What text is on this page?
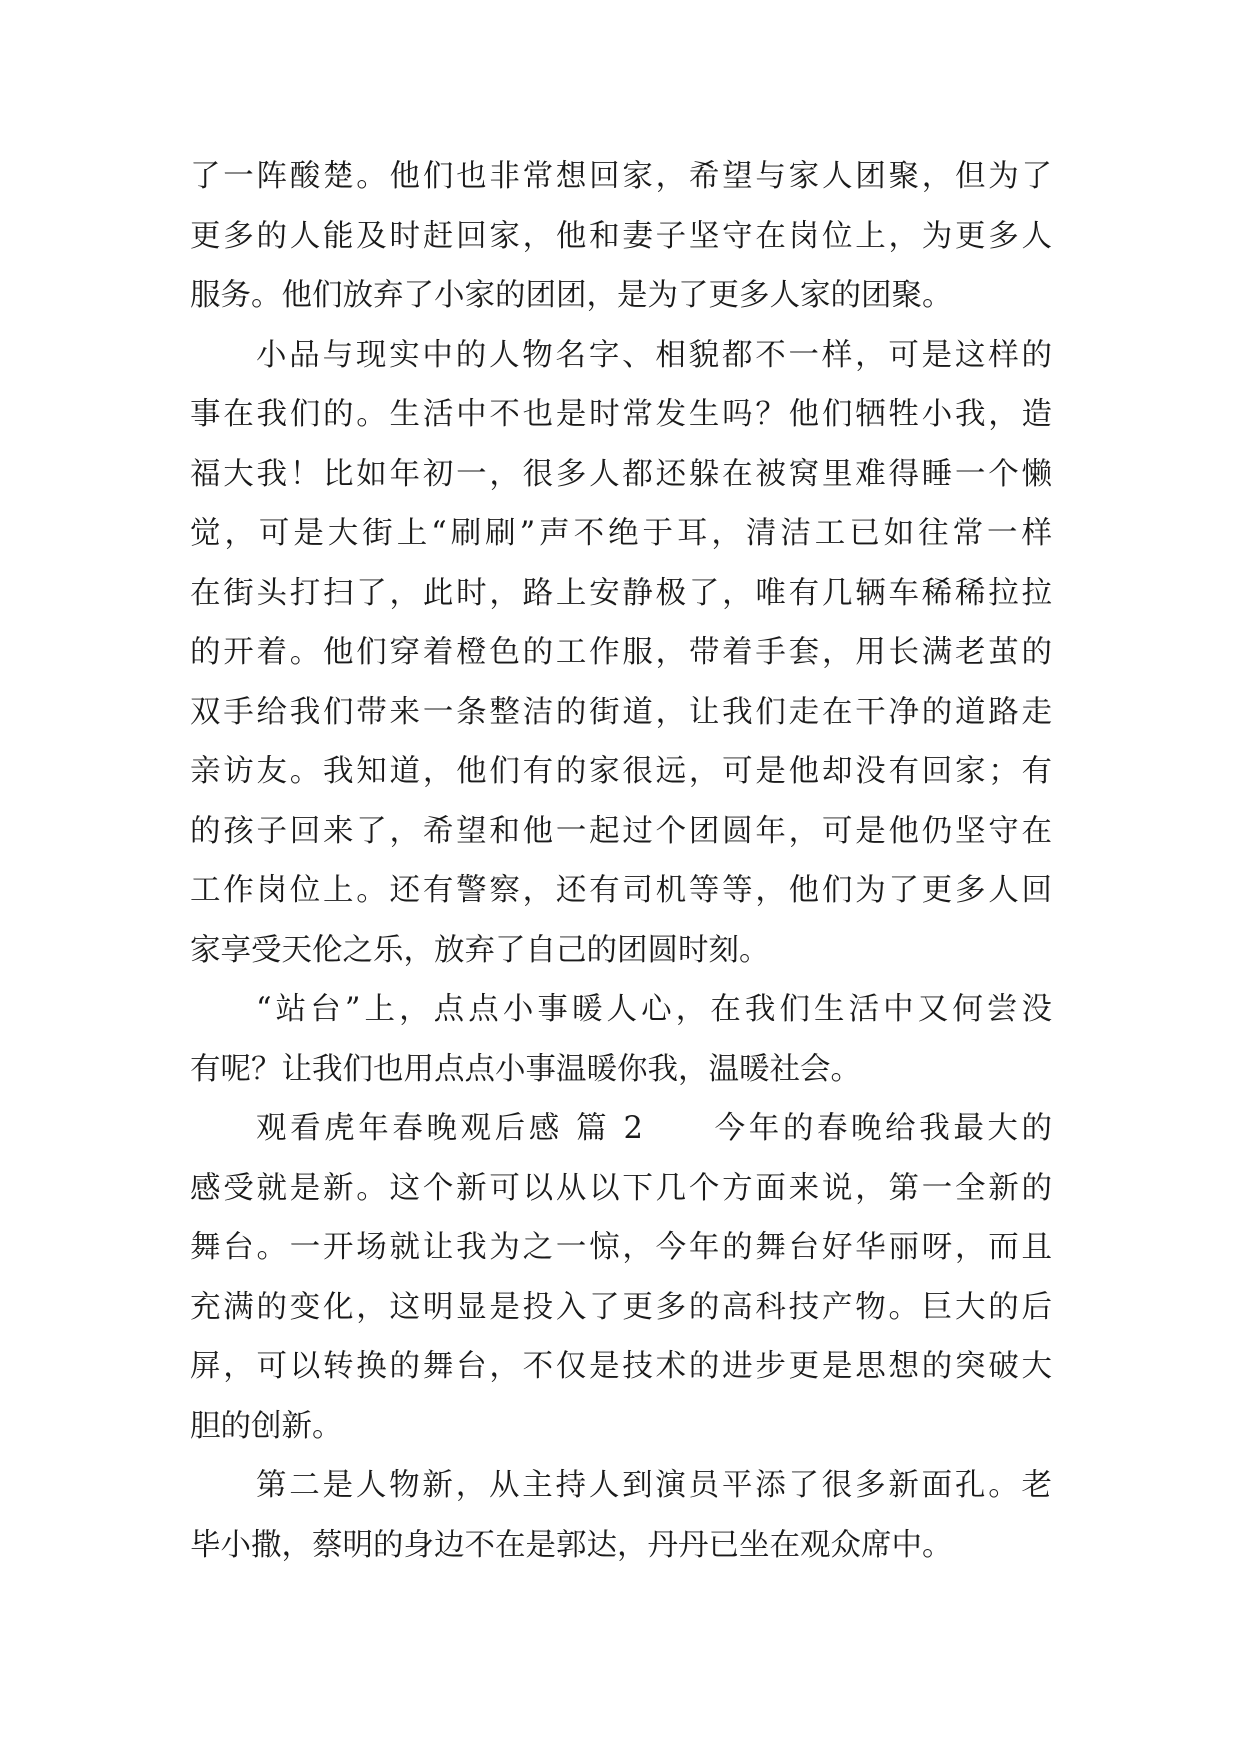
了一阵酸楚。他们也非常想回家，希望与家人团聚，但为了
更多的人能及时赶回家，他和妻子坚守在岗位上，为更多人
服务。他们放弃了小家的团团，是为了更多人家的团聚。
小品与现实中的人物名字、相貌都不一样，可是这样的
事在我们的。生活中不也是时常发生吗？他们牺牲小我，造
福大我！比如年初一，很多人都还躲在被窝里难得睡一个懒
觉，可是大街上“刷刷”声不绝于耳，清洁工已如往常一样
在街头打扫了，此时，路上安静极了，唯有几辆车稀稀拉拉
的开着。他们穿着橙色的工作服，带着手套，用长满老茧的
双手给我们带来一条整洁的街道，让我们走在干净的道路走
亲访友。我知道，他们有的家很远，可是他却没有回家；有
的孩子回来了，希望和他一起过个团圆年，可是他仍坚守在
工作岗位上。还有警察，还有司机等等，他们为了更多人回
家享受天伦之乐，放弃了自己的团圆时刻。
“站台”上，点点小事暖人心，在我们生活中又何尝没
有呢？让我们也用点点小事温暖你我，温暖社会。
观看虎年春晚观后感 篇 2　　今年的春晚给我最大的
感受就是新。这个新可以从以下几个方面来说，第一全新的
舞台。一开场就让我为之一惊，今年的舞台好华丽呀，而且
充满的变化，这明显是投入了更多的高科技产物。巨大的后
屏，可以转换的舞台，不仅是技术的进步更是思想的突破大
胆的创新。
第二是人物新，从主持人到演员平添了很多新面孔。老
毕小撒，蔡明的身边不在是郭达，丹丹已坐在观众席中。
